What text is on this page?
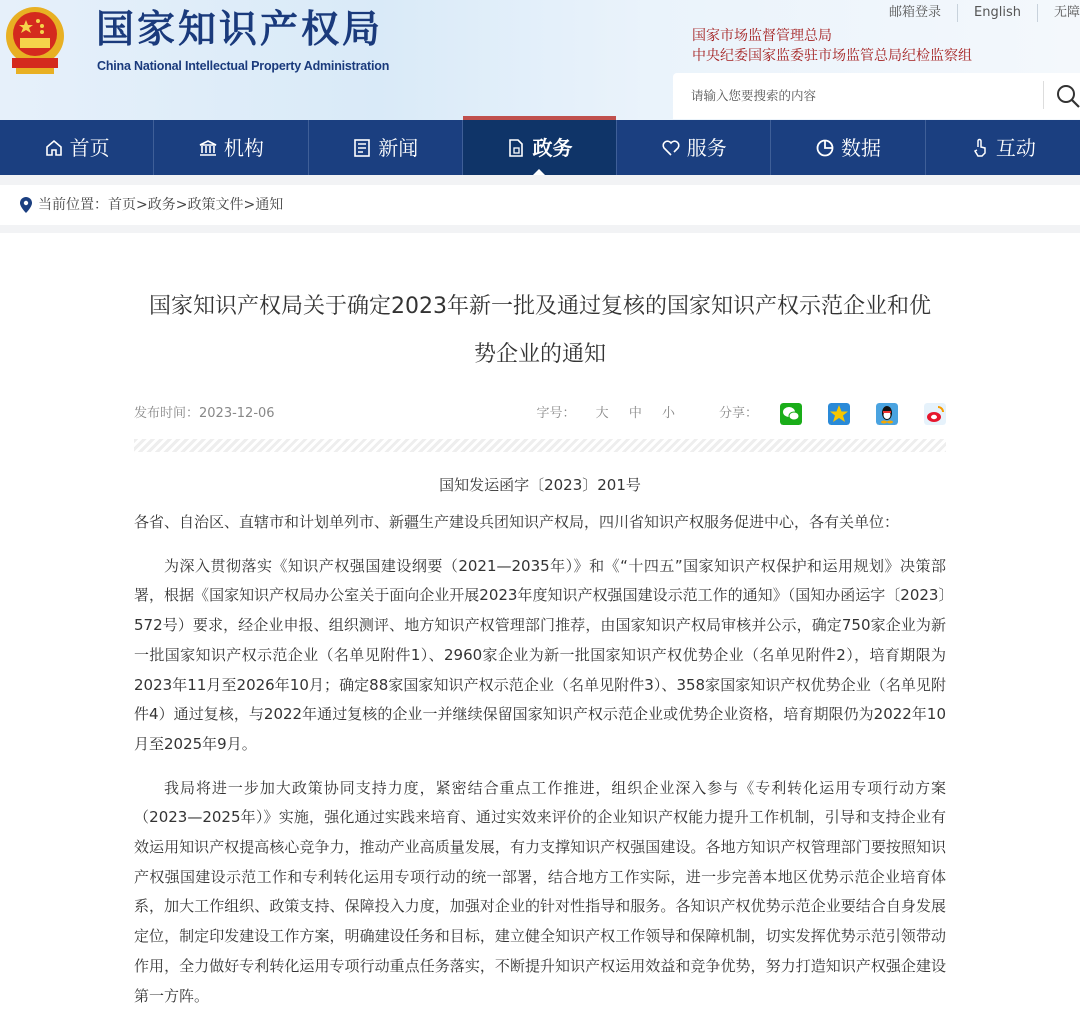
国家知识产权局
China National Intellectual Property Administration
邮箱登录	English	无障
国家市场监督管理总局
中央纪委国家监委驻市场监管总局纪检监察组
请输入您要搜索的内容
首页	机构	新闻	政务	服务	数据	互动
当前位置： 首页>政务>政策文件>通知
国家知识产权局关于确定2023年新一批及通过复核的国家知识产权示范企业和优势企业的通知
发布时间：2023-12-06	字号： 大 中 小	分享：
国知发运函字〔2023〕201号

各省、自治区、直辖市和计划单列市、新疆生产建设兵团知识产权局，四川省知识产权服务促进中心，各有关单位：

为深入贯彻落实《知识产权强国建设纲要（2021—2035年）》和《“十四五”国家知识产权保护和运用规划》决策部署，根据《国家知识产权局办公室关于面向企业开展2023年度知识产权强国建设示范工作的通知》（国知办函运字〔2023〕572号）要求，经企业申报、组织测评、地方知识产权管理部门推荐，由国家知识产权局审核并公示，确定750家企业为新一批国家知识产权示范企业（名单见附件1）、2960家企业为新一批国家知识产权优势企业（名单见附件2），培育期限为2023年11月至2026年10月；确定88家国家知识产权示范企业（名单见附件3）、358家国家知识产权优势企业（名单见附件4）通过复核，与2022年通过复核的企业一并继续保留国家知识产权示范企业或优势企业资格，培育期限仍为2022年10月至2025年9月。

我局将进一步加大政策协同支持力度，紧密结合重点工作推进，组织企业深入参与《专利转化运用专项行动方案（2023—2025年）》实施，强化通过实践来培育、通过实效来评价的企业知识产权能力提升工作机制，引导和支持企业有效运用知识产权提高核心竞争力，推动产业高质量发展，有力支撑知识产权强国建设。各地方知识产权管理部门要按照知识产权强国建设示范工作和专利转化运用专项行动的统一部署，结合地方工作实际，进一步完善本地区优势示范企业培育体系，加大工作组织、政策支持、保障投入力度，加强对企业的针对性指导和服务。各知识产权优势示范企业要结合自身发展定位，制定印发建设工作方案，明确建设任务和目标，建立健全知识产权工作领导和保障机制，切实发挥优势示范引领带动作用，全力做好专利转化运用专项行动重点任务落实，不断提升知识产权运用效益和竞争优势，努力打造知识产权强企建设第一方阵。
